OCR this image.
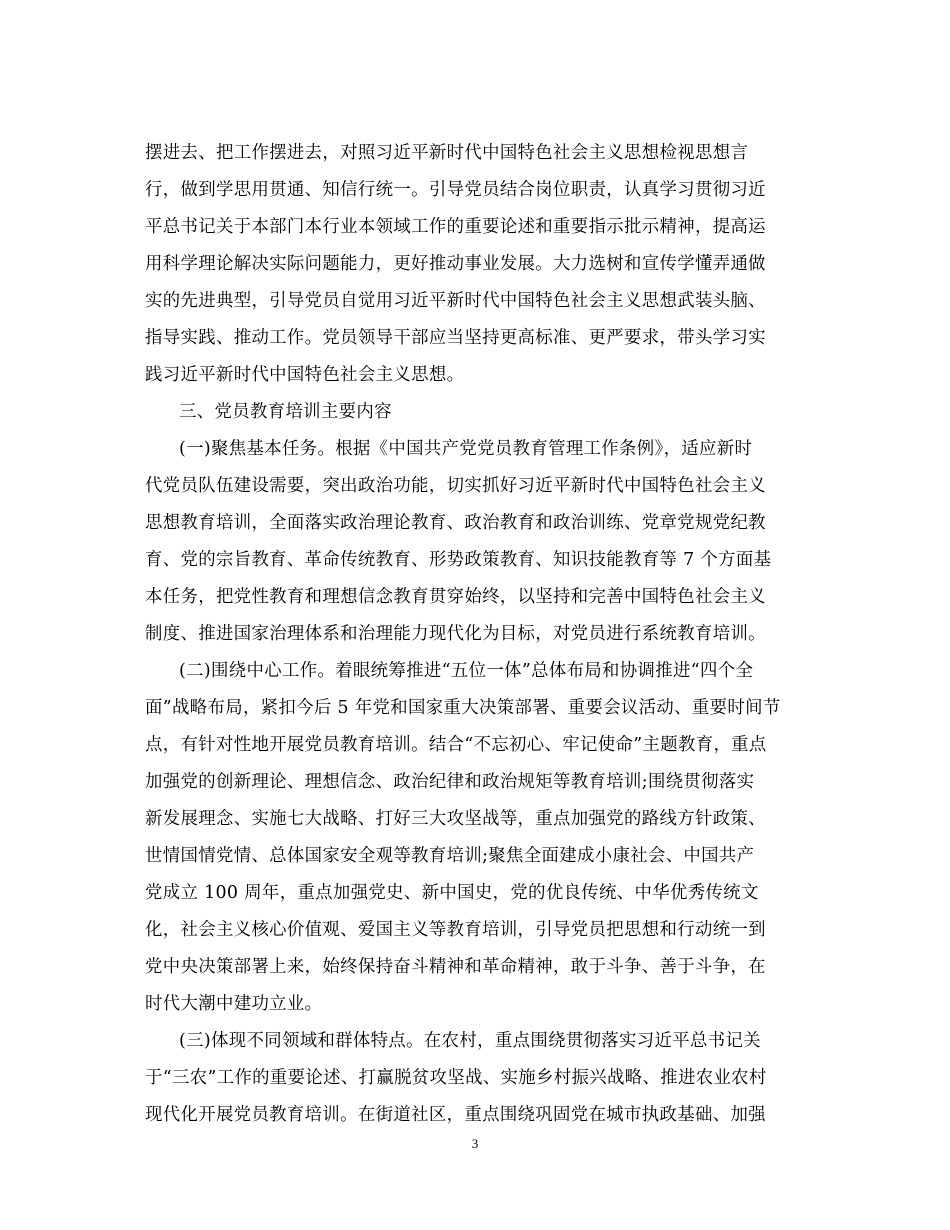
摆进去、把工作摆进去，对照习近平新时代中国特色社会主义思想检视思想言
行，做到学思用贯通、知信行统一。引导党员结合岗位职责，认真学习贯彻习近
平总书记关于本部门本行业本领域工作的重要论述和重要指示批示精神，提高运
用科学理论解决实际问题能力，更好推动事业发展。大力选树和宣传学懂弄通做
实的先进典型，引导党员自觉用习近平新时代中国特色社会主义思想武装头脑、
指导实践、推动工作。党员领导干部应当坚持更高标准、更严要求，带头学习实
践习近平新时代中国特色社会主义思想。
三、党员教育培训主要内容
(一)聚焦基本任务。根据《中国共产党党员教育管理工作条例》，适应新时
代党员队伍建设需要，突出政治功能，切实抓好习近平新时代中国特色社会主义
思想教育培训，全面落实政治理论教育、政治教育和政治训练、党章党规党纪教
育、党的宗旨教育、革命传统教育、形势政策教育、知识技能教育等 7 个方面基
本任务，把党性教育和理想信念教育贯穿始终，以坚持和完善中国特色社会主义
制度、推进国家治理体系和治理能力现代化为目标，对党员进行系统教育培训。
(二)围绕中心工作。着眼统筹推进“五位一体”总体布局和协调推进“四个全
面”战略布局，紧扣今后 5 年党和国家重大决策部署、重要会议活动、重要时间节
点，有针对性地开展党员教育培训。结合“不忘初心、牢记使命”主题教育，重点
加强党的创新理论、理想信念、政治纪律和政治规矩等教育培训;围绕贯彻落实
新发展理念、实施七大战略、打好三大攻坚战等，重点加强党的路线方针政策、
世情国情党情、总体国家安全观等教育培训;聚焦全面建成小康社会、中国共产
党成立 100 周年，重点加强党史、新中国史，党的优良传统、中华优秀传统文
化，社会主义核心价值观、爱国主义等教育培训，引导党员把思想和行动统一到
党中央决策部署上来，始终保持奋斗精神和革命精神，敢于斗争、善于斗争，在
时代大潮中建功立业。
(三)体现不同领域和群体特点。在农村，重点围绕贯彻落实习近平总书记关
于“三农”工作的重要论述、打赢脱贫攻坚战、实施乡村振兴战略、推进农业农村
现代化开展党员教育培训。在街道社区，重点围绕巩固党在城市执政基础、加强
3
